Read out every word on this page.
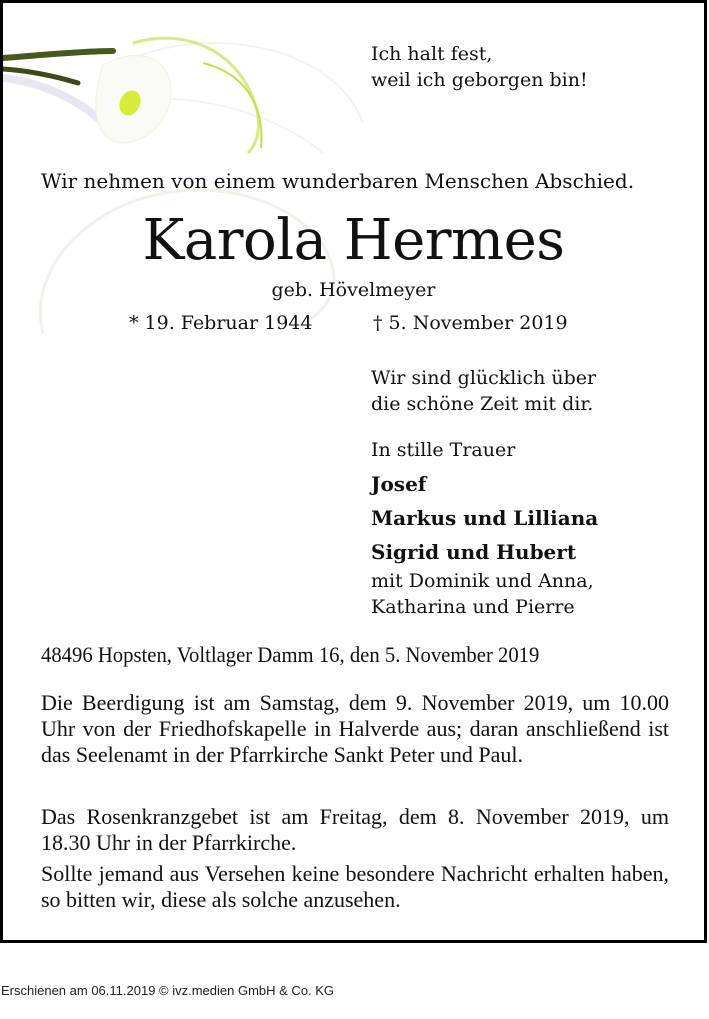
Ich halt fest,
weil ich geborgen bin!
Wir nehmen von einem wunderbaren Menschen Abschied.
Karola Hermes
geb. Hövelmeyer
* 19. Februar 1944	† 5. November 2019
Wir sind glücklich über
die schöne Zeit mit dir.
In stille Trauer
Josef
Markus und Lilliana
Sigrid und Hubert
mit Dominik und Anna,
Katharina und Pierre
48496 Hopsten, Voltlager Damm 16, den 5. November 2019
Die Beerdigung ist am Samstag, dem 9. November 2019, um 10.00 Uhr von der Friedhofskapelle in Halverde aus; daran anschließend ist das Seelenamt in der Pfarrkirche Sankt Peter und Paul.
Das Rosenkranzgebet ist am Freitag, dem 8. November 2019, um 18.30 Uhr in der Pfarrkirche.
Sollte jemand aus Versehen keine besondere Nachricht erhalten haben, so bitten wir, diese als solche anzusehen.
Erschienen am 06.11.2019 © ivz.medien GmbH & Co. KG
